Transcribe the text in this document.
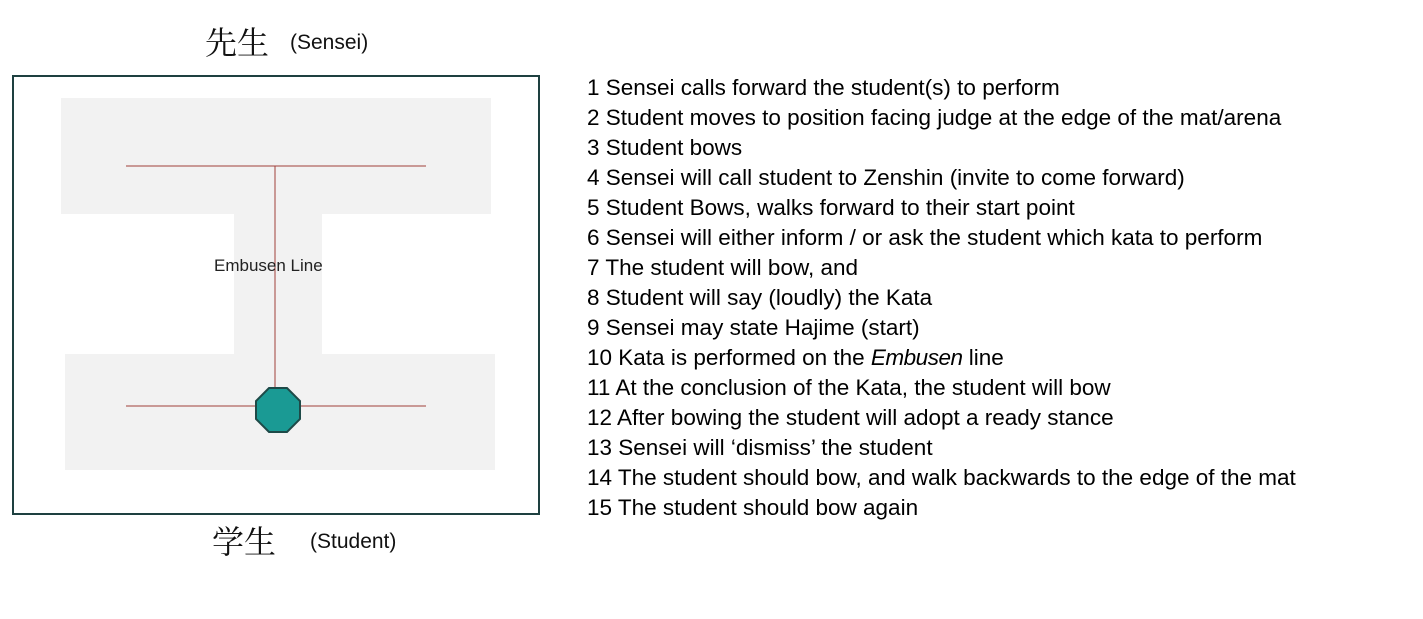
先生 (Sensei)
Embusen Line
学生 (Student)
1 Sensei calls forward the student(s) to perform
2 Student moves to position facing judge at the edge of the mat/arena
3 Student bows
4 Sensei will call student to Zenshin (invite to come forward)
5 Student Bows, walks forward to their start point
6 Sensei will either inform / or ask the student which kata to perform
7 The student will bow, and
8 Student will say (loudly) the Kata
9 Sensei may state Hajime (start)
10 Kata is performed on the Embusen line
11 At the conclusion of the Kata, the student will bow
12 After bowing the student will adopt a ready stance
13 Sensei will ‘dismiss’ the student
14 The student should bow, and walk backwards to the edge of the mat
15 The student should bow again
